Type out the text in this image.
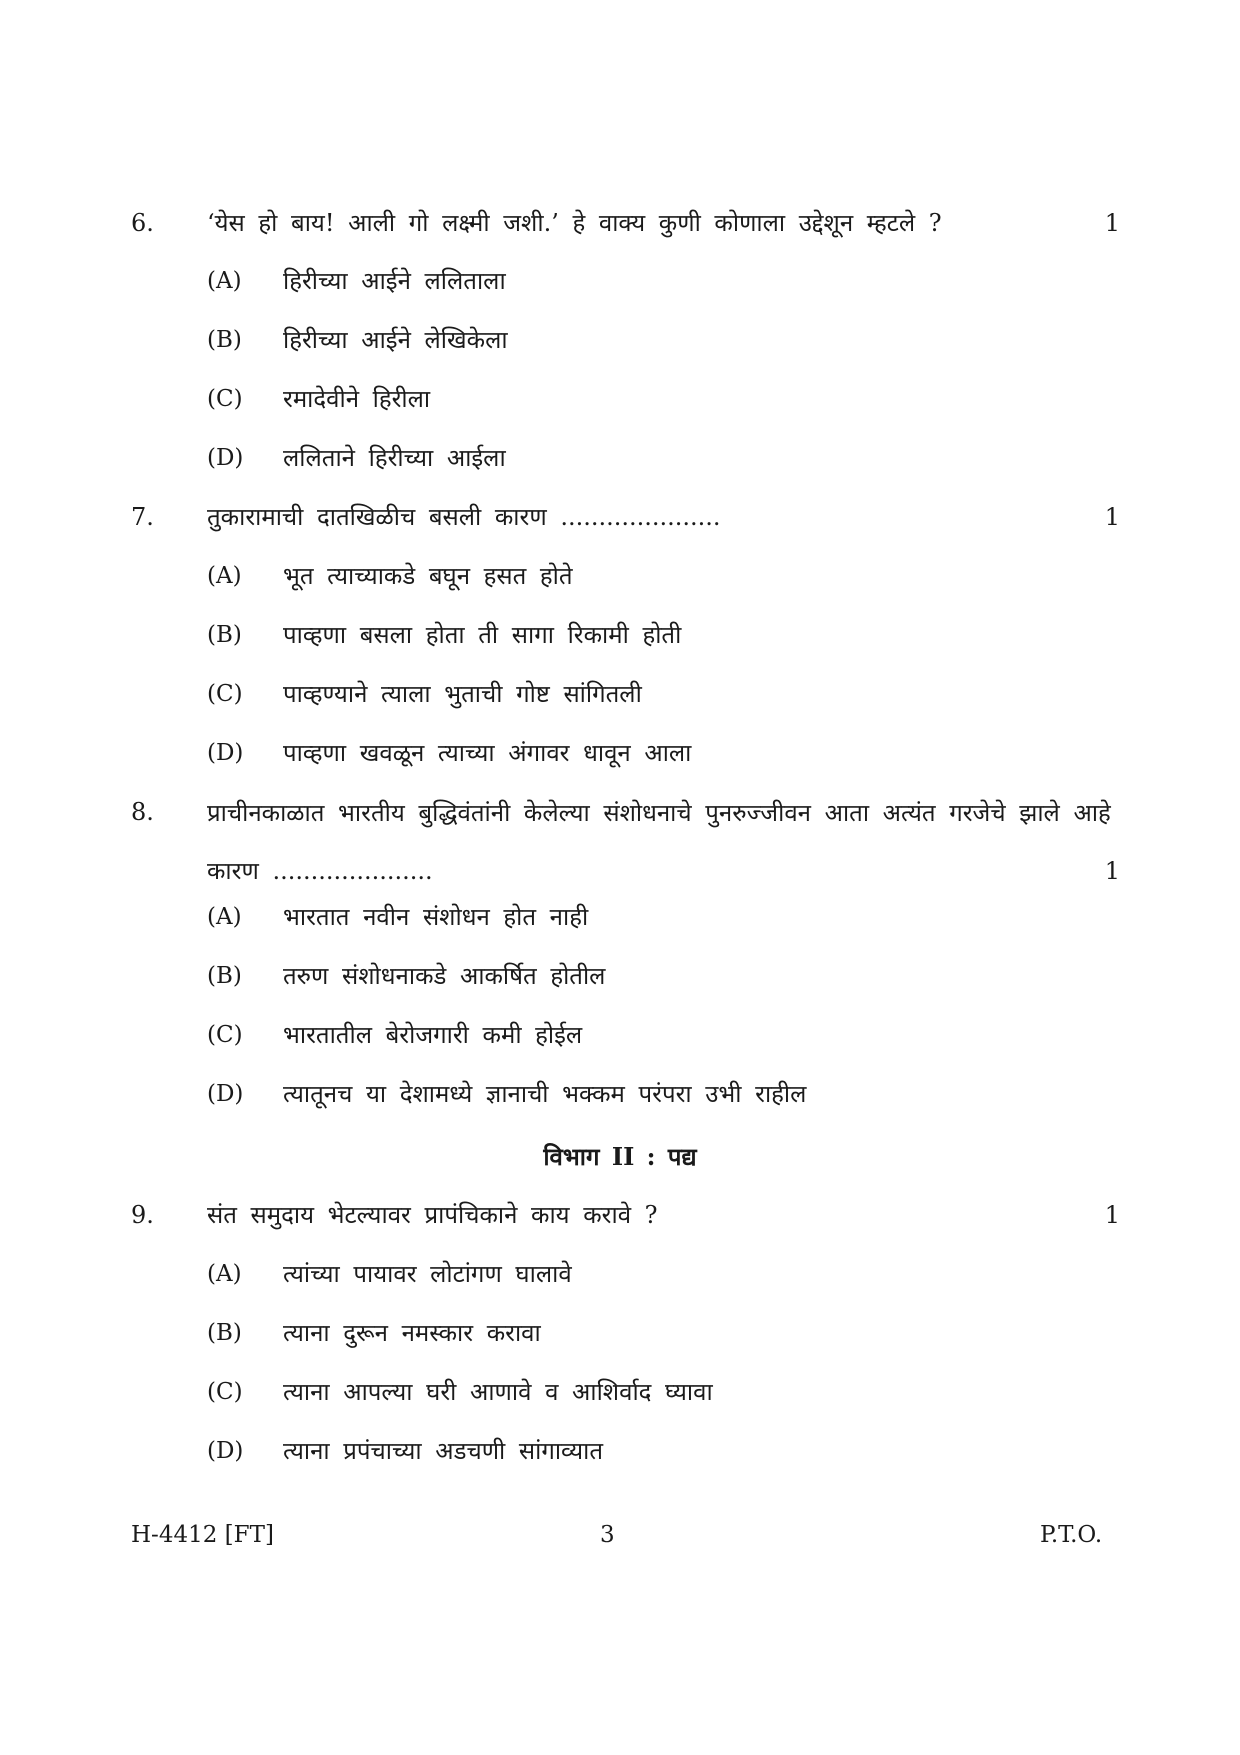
6. ‘येस हो बाय! आली गो लक्ष्मी जशी.’ हे वाक्य कुणी कोणाला उद्देशून म्हटले ?	1
(A) हिरीच्या आईने ललिताला
(B) हिरीच्या आईने लेखिकेला
(C) रमादेवीने हिरीला
(D) ललिताने हिरीच्या आईला
7. तुकारामाची दातखिळीच बसली कारण .....................	1
(A) भूत त्याच्याकडे बघून हसत होते
(B) पाव्हणा बसला होता ती सागा रिकामी होती
(C) पाव्हण्याने त्याला भुताची गोष्ट सांगितली
(D) पाव्हणा खवळून त्याच्या अंगावर धावून आला
8. प्राचीनकाळात भारतीय बुद्धिवंतांनी केलेल्या संशोधनाचे पुनरुज्जीवन आता अत्यंत गरजेचे झाले आहे कारण .....................	1
(A) भारतात नवीन संशोधन होत नाही
(B) तरुण संशोधनाकडे आकर्षित होतील
(C) भारतातील बेरोजगारी कमी होईल
(D) त्यातूनच या देशामध्ये ज्ञानाची भक्कम परंपरा उभी राहील
विभाग II : पद्य
9. संत समुदाय भेटल्यावर प्रापंचिकाने काय करावे ?	1
(A) त्यांच्या पायावर लोटांगण घालावे
(B) त्याना दुरून नमस्कार करावा
(C) त्याना आपल्या घरी आणावे व आशिर्वाद घ्यावा
(D) त्याना प्रपंचाच्या अडचणी सांगाव्यात
H-4412 [FT]	3	P.T.O.
